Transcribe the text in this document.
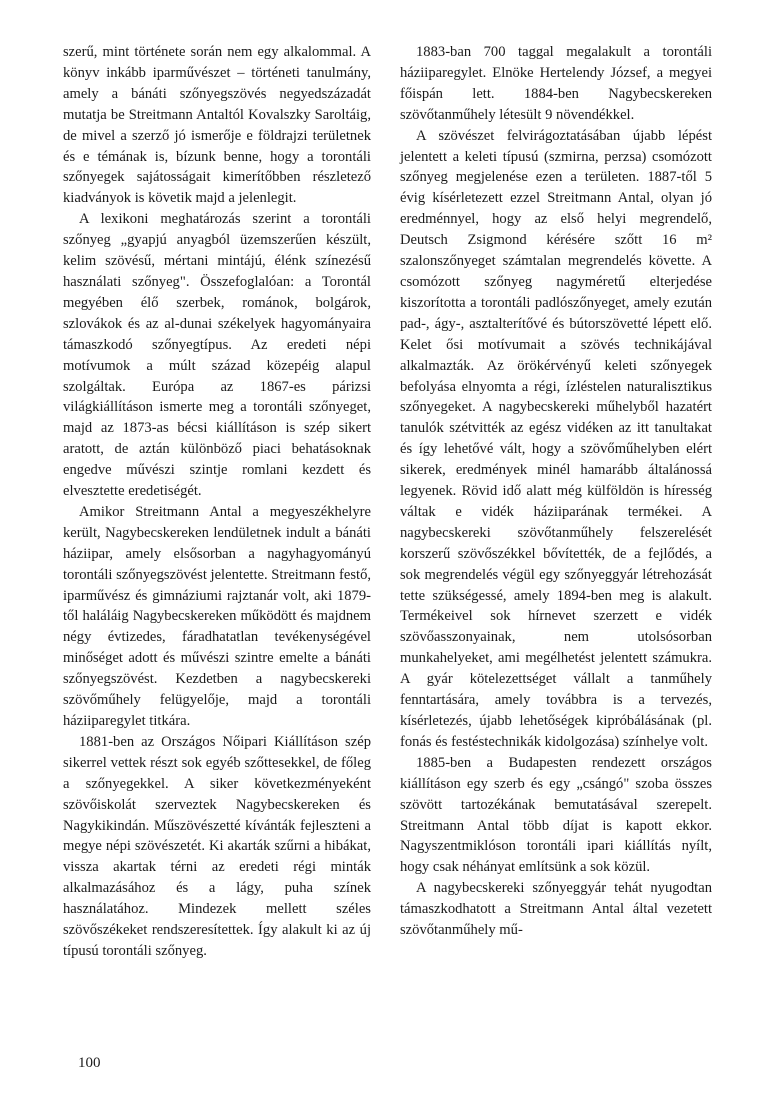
szerű, mint története során nem egy alkalommal. A könyv inkább iparművészet – történeti tanulmány, amely a bánáti szőnyegszövés negyedszázadát mutatja be Streitmann Antaltól Kovalszky Saroltáig, de mivel a szerző jó ismerője e földrajzi területnek és e témának is, bízunk benne, hogy a torontáli szőnyegek sajátosságait kimerítőbben részletező kiadványok is követik majd a jelenlegit.

A lexikoni meghatározás szerint a torontáli szőnyeg „gyapjú anyagból üzemszerűen készült, kelim szövésű, mértani mintájú, élénk színezésű használati szőnyeg". Összefoglalóan: a Torontál megyében élő szerbek, románok, bolgárok, szlovákok és az al-dunai székelyek hagyományaira támaszkodó szőnyegtípus. Az eredeti népi motívumok a múlt század közepéig alapul szolgáltak. Európa az 1867-es párizsi világkiállításon ismerte meg a torontáli szőnyeget, majd az 1873-as bécsi kiállításon is szép sikert aratott, de aztán különböző piaci behatásoknak engedve művészi szintje romlani kezdett és elvesztette eredetiségét.

Amikor Streitmann Antal a megyeszékhelyre került, Nagybecskereken lendületnek indult a bánáti háziipar, amely elsősorban a nagyhagyományú torontáli szőnyegszövést jelentette. Streitmann festő, iparművész és gimnáziumi rajztanár volt, aki 1879-től haláláig Nagybecskereken működött és majdnem négy évtizedes, fáradhatatlan tevékenységével minőséget adott és művészi szintre emelte a bánáti szőnyegszövést. Kezdetben a nagybecskereki szövőműhely felügyelője, majd a torontáli háziiparegylet titkára.

1881-ben az Országos Nőipari Kiállításon szép sikerrel vettek részt sok egyéb szőttesekkel, de főleg a szőnyegekkel. A siker következményeként szövőiskolát szerveztek Nagybecskereken és Nagykikindán. Műszövészetté kívánták fejleszteni a megye népi szövészetét. Ki akarták szűrni a hibákat, vissza akartak térni az eredeti régi minták alkalmazásához és a lágy, puha színek használatához. Mindezek mellett széles szövőszékeket rendszeresítettek. Így alakult ki az új típusú torontáli szőnyeg.

1883-ban 700 taggal megalakult a torontáli háziiparegylet. Elnöke Hertelendy József, a megyei főispán lett. 1884-ben Nagybecskereken szövőtanműhely létesült 9 növendékkel.

A szövészet felvirágoztatásában újabb lépést jelentett a keleti típusú (szmirna, perzsa) csomózott szőnyeg megjelenése ezen a területen. 1887-től 5 évig kísérletezett ezzel Streitmann Antal, olyan jó eredménnyel, hogy az első helyi megrendelő, Deutsch Zsigmond kérésére szőtt 16 m² szalonszőnyeget számtalan megrendelés követte. A csomózott szőnyeg nagyméretű elterjedése kiszorította a torontáli padlószőnyeget, amely ezután pad-, ágy-, asztalterítővé és bútorszövetté lépett elő. Kelet ősi motívumait a szövés technikájával alkalmazták. Az örökérvényű keleti szőnyegek befolyása elnyomta a régi, ízléstelen naturalisztikus szőnyegeket. A nagybecskereki műhelyből hazatért tanulók szétvitték az egész vidéken az itt tanultakat és így lehetővé vált, hogy a szövőműhelyben elért sikerek, eredmények minél hamarább általánossá legyenek. Rövid idő alatt még külföldön is híresség váltak e vidék háziiparának termékei. A nagybecskereki szövőtanműhely felszerelését korszerű szövőszékkel bővítették, de a fejlődés, a sok megrendelés végül egy szőnyeggyár létrehozását tette szükségessé, amely 1894-ben meg is alakult. Termékeivel sok hírnevet szerzett e vidék szövőasszonyainak, nem utolsósorban munkahelyeket, ami megélhetést jelentett számukra. A gyár kötelezettséget vállalt a tanműhely fenntartására, amely továbbra is a tervezés, kísérletezés, újabb lehetőségek kipróbálásának (pl. fonás és festéstechnikák kidolgozása) színhelye volt.

1885-ben a Budapesten rendezett országos kiállításon egy szerb és egy „csángó" szoba összes szövött tartozékának bemutatásával szerepelt. Streitmann Antal több díjat is kapott ekkor. Nagyszentmiklóson torontáli ipari kiállítás nyílt, hogy csak néhányat említsünk a sok közül.

A nagybecskereki szőnyeggyár tehát nyugodtan támaszkodhatott a Streitmann Antal által vezetett szövőtanműhely mű-

100
